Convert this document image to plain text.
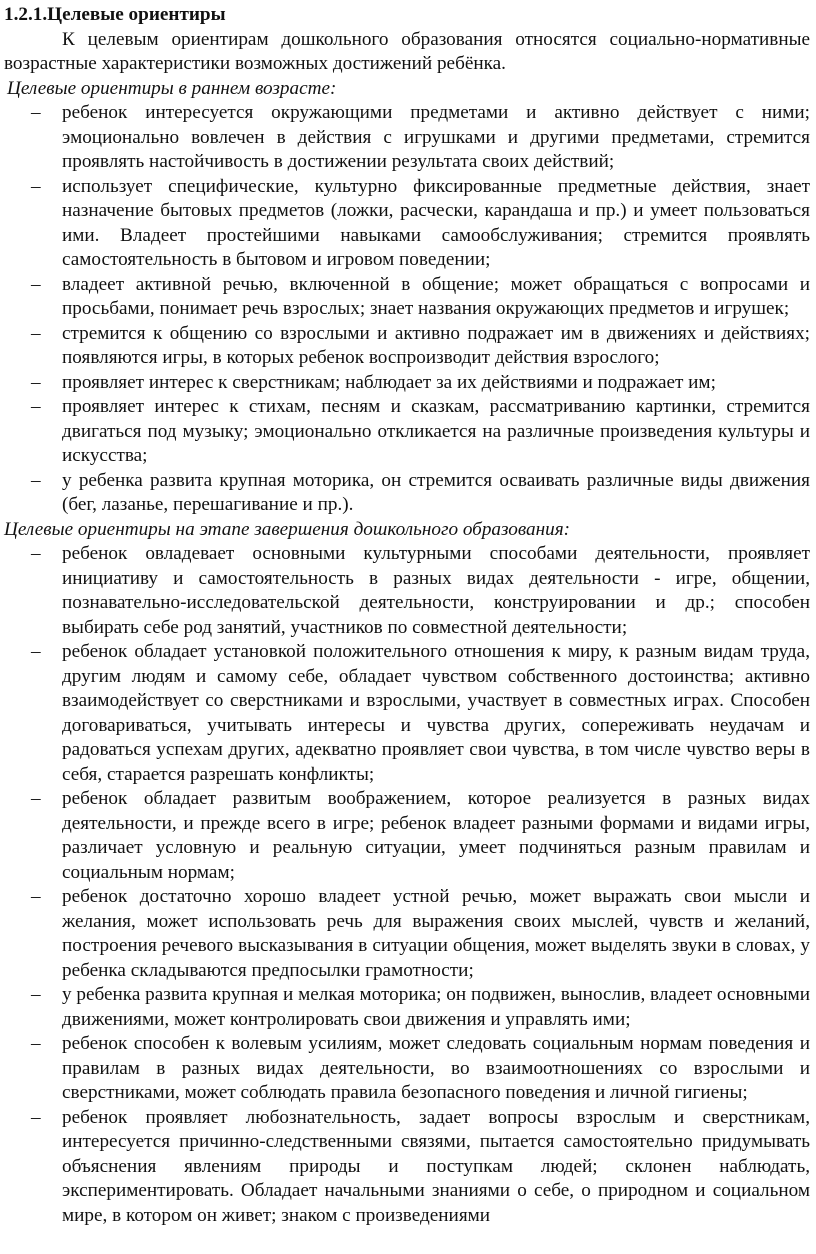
1.2.1.Целевые ориентиры

К целевым ориентирам дошкольного образования относятся социально-нормативные возрастные характеристики возможных достижений ребёнка.

Целевые ориентиры в раннем возрасте:

– ребенок интересуется окружающими предметами и активно действует с ними; эмоционально вовлечен в действия с игрушками и другими предметами, стремится проявлять настойчивость в достижении результата своих действий;
– использует специфические, культурно фиксированные предметные действия, знает назначение бытовых предметов (ложки, расчески, карандаша и пр.) и умеет пользоваться ими. Владеет простейшими навыками самообслуживания; стремится проявлять самостоятельность в бытовом и игровом поведении;
– владеет активной речью, включенной в общение; может обращаться с вопросами и просьбами, понимает речь взрослых; знает названия окружающих предметов и игрушек;
– стремится к общению со взрослыми и активно подражает им в движениях и действиях; появляются игры, в которых ребенок воспроизводит действия взрослого;
– проявляет интерес к сверстникам; наблюдает за их действиями и подражает им;
– проявляет интерес к стихам, песням и сказкам, рассматриванию картинки, стремится двигаться под музыку; эмоционально откликается на различные произведения культуры и искусства;
– у ребенка развита крупная моторика, он стремится осваивать различные виды движения (бег, лазанье, перешагивание и пр.).

Целевые ориентиры на этапе завершения дошкольного образования:

– ребенок овладевает основными культурными способами деятельности, проявляет инициативу и самостоятельность в разных видах деятельности - игре, общении, познавательно-исследовательской деятельности, конструировании и др.; способен выбирать себе род занятий, участников по совместной деятельности;
– ребенок обладает установкой положительного отношения к миру, к разным видам труда, другим людям и самому себе, обладает чувством собственного достоинства; активно взаимодействует со сверстниками и взрослыми, участвует в совместных играх. Способен договариваться, учитывать интересы и чувства других, сопереживать неудачам и радоваться успехам других, адекватно проявляет свои чувства, в том числе чувство веры в себя, старается разрешать конфликты;
– ребенок обладает развитым воображением, которое реализуется в разных видах деятельности, и прежде всего в игре; ребенок владеет разными формами и видами игры, различает условную и реальную ситуации, умеет подчиняться разным правилам и социальным нормам;
– ребенок достаточно хорошо владеет устной речью, может выражать свои мысли и желания, может использовать речь для выражения своих мыслей, чувств и желаний, построения речевого высказывания в ситуации общения, может выделять звуки в словах, у ребенка складываются предпосылки грамотности;
– у ребенка развита крупная и мелкая моторика; он подвижен, вынослив, владеет основными движениями, может контролировать свои движения и управлять ими;
– ребенок способен к волевым усилиям, может следовать социальным нормам поведения и правилам в разных видах деятельности, во взаимоотношениях со взрослыми и сверстниками, может соблюдать правила безопасного поведения и личной гигиены;
– ребенок проявляет любознательность, задает вопросы взрослым и сверстникам, интересуется причинно-следственными связями, пытается самостоятельно придумывать объяснения явлениям природы и поступкам людей; склонен наблюдать, экспериментировать. Обладает начальными знаниями о себе, о природном и социальном мире, в котором он живет; знаком с произведениями
